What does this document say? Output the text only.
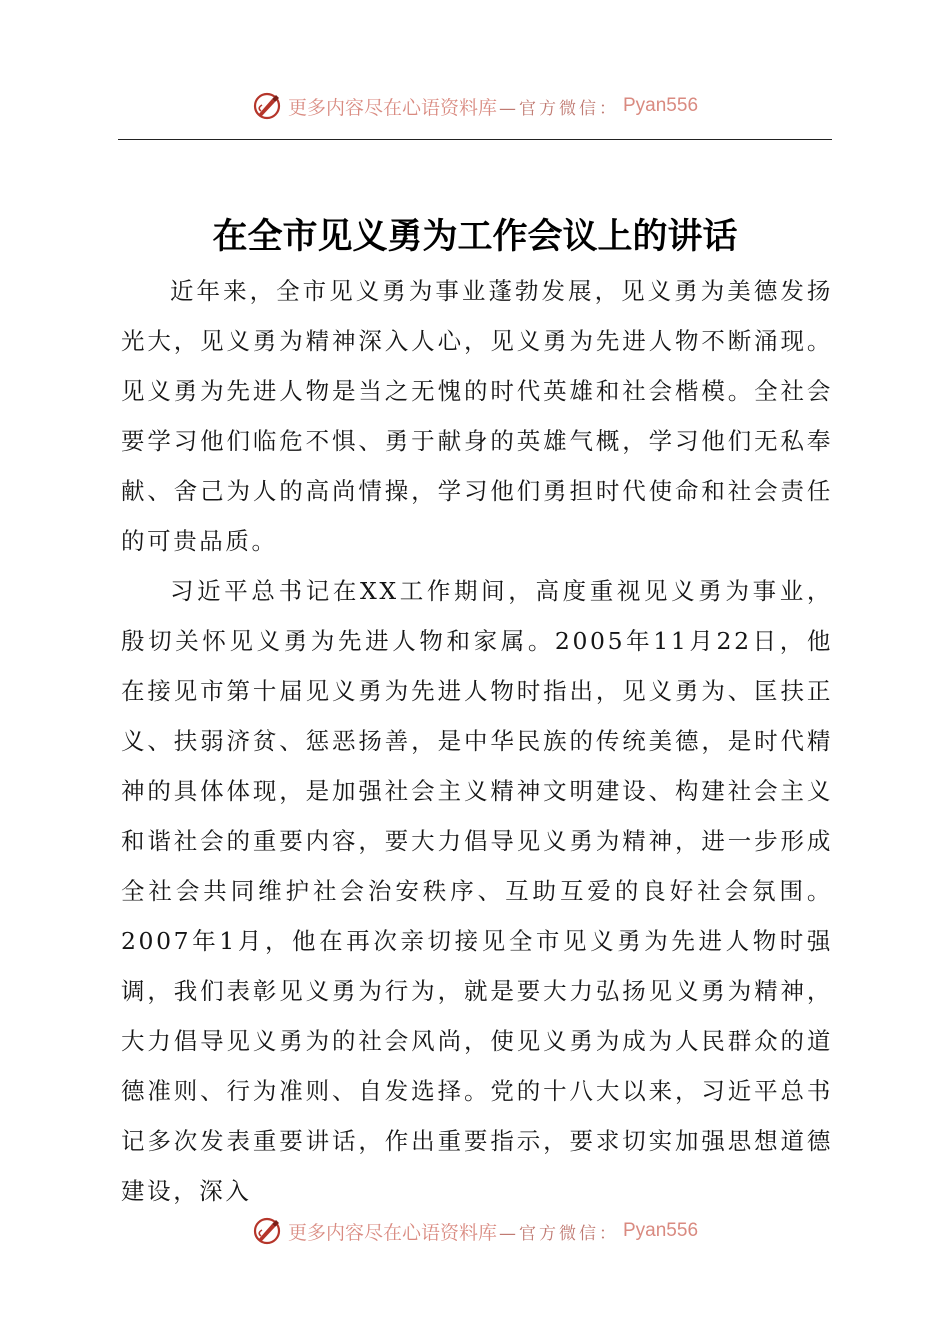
更多内容尽在心语资料库 —官方微信： Pyan556
在全市见义勇为工作会议上的讲话

近年来，全市见义勇为事业蓬勃发展，见义勇为美德发扬光大，见义勇为精神深入人心，见义勇为先进人物不断涌现。见义勇为先进人物是当之无愧的时代英雄和社会楷模。全社会要学习他们临危不惧、勇于献身的英雄气概，学习他们无私奉献、舍己为人的高尚情操，学习他们勇担时代使命和社会责任的可贵品质。

习近平总书记在XX工作期间，高度重视见义勇为事业，殷切关怀见义勇为先进人物和家属。2005年11月22日，他在接见市第十届见义勇为先进人物时指出，见义勇为、匡扶正义、扶弱济贫、惩恶扬善，是中华民族的传统美德，是时代精神的具体体现，是加强社会主义精神文明建设、构建社会主义和谐社会的重要内容，要大力倡导见义勇为精神，进一步形成全社会共同维护社会治安秩序、互助互爱的良好社会氛围。2007年1月，他在再次亲切接见全市见义勇为先进人物时强调，我们表彰见义勇为行为，就是要大力弘扬见义勇为精神，大力倡导见义勇为的社会风尚，使见义勇为成为人民群众的道德准则、行为准则、自发选择。党的十八大以来，习近平总书记多次发表重要讲话，作出重要指示，要求切实加强思想道德建设，深入

更多内容尽在心语资料库 —官方微信： Pyan556
